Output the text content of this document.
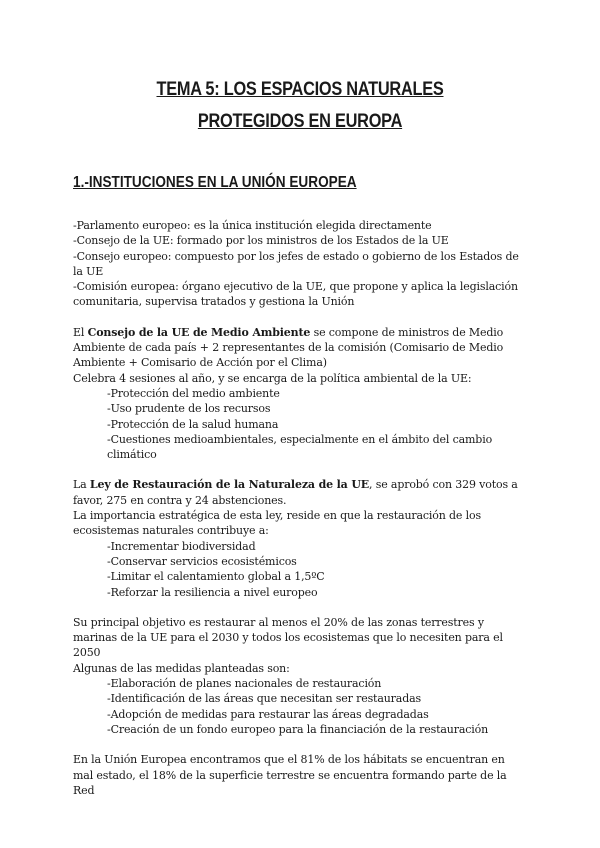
TEMA 5: LOS ESPACIOS NATURALES PROTEGIDOS EN EUROPA
1.-INSTITUCIONES EN LA UNIÓN EUROPEA

-Parlamento europeo: es la única institución elegida directamente

-Consejo de la UE: formado por los ministros de los Estados de la UE

-Consejo europeo: compuesto por los jefes de estado o gobierno de los Estados de la UE

-Comisión europea: órgano ejecutivo de la UE, que propone y aplica la legislación comunitaria, supervisa tratados y gestiona la Unión

El Consejo de la UE de Medio Ambiente se compone de ministros de Medio Ambiente de cada país + 2 representantes de la comisión (Comisario de Medio Ambiente + Comisario de Acción por el Clima)

Celebra 4 sesiones al año, y se encarga de la política ambiental de la UE:

-Protección del medio ambiente

-Uso prudente de los recursos

-Protección de la salud humana

-Cuestiones medioambientales, especialmente en el ámbito del cambio climático

La Ley de Restauración de la Naturaleza de la UE, se aprobó con 329 votos a favor, 275 en contra y 24 abstenciones.

La importancia estratégica de esta ley, reside en que la restauración de los ecosistemas naturales contribuye a:

-Incrementar biodiversidad

-Conservar servicios ecosistémicos

-Limitar el calentamiento global a 1,5ºC

-Reforzar la resiliencia a nivel europeo

Su principal objetivo es restaurar al menos el 20% de las zonas terrestres y marinas de la UE para el 2030 y todos los ecosistemas que lo necesiten para el 2050

Algunas de las medidas planteadas son:

-Elaboración de planes nacionales de restauración

-Identificación de las áreas que necesitan ser restauradas

-Adopción de medidas para restaurar las áreas degradadas

-Creación de un fondo europeo para la financiación de la restauración

En la Unión Europea encontramos que el 81% de los hábitats se encuentran en mal estado, el 18% de la superficie terrestre se encuentra formando parte de la Red
